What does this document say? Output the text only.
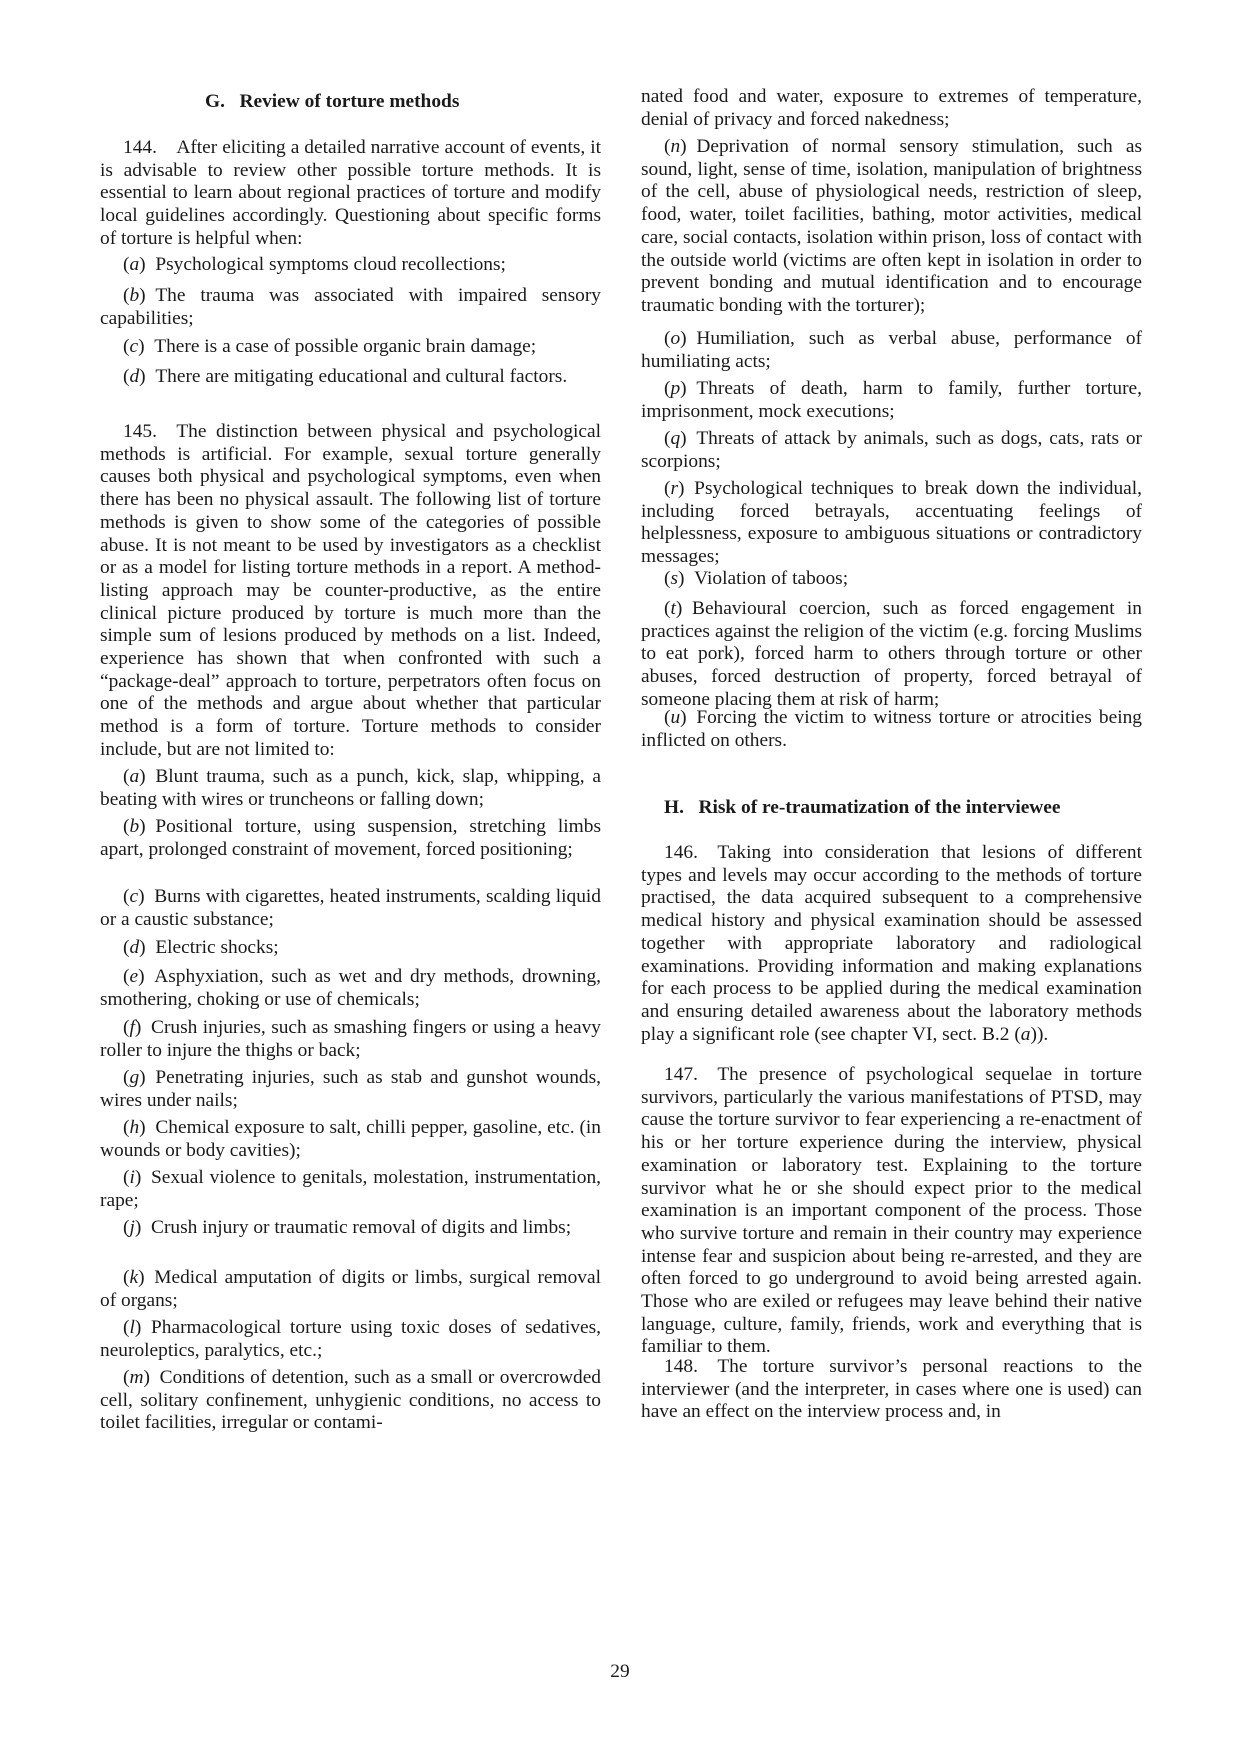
G. Review of torture methods

144. After eliciting a detailed narrative account of events, it is advisable to review other possible torture methods. It is essential to learn about regional practices of torture and modify local guidelines accordingly. Questioning about specific forms of torture is helpful when:

(a) Psychological symptoms cloud recollections;

(b) The trauma was associated with impaired sensory capabilities;

(c) There is a case of possible organic brain damage;

(d) There are mitigating educational and cultural factors.

145. The distinction between physical and psychological methods is artificial. For example, sexual torture generally causes both physical and psychological symptoms, even when there has been no physical assault. The following list of torture methods is given to show some of the categories of possible abuse. It is not meant to be used by investigators as a checklist or as a model for listing torture methods in a report. A method-listing approach may be counter-productive, as the entire clinical picture produced by torture is much more than the simple sum of lesions produced by methods on a list. Indeed, experience has shown that when confronted with such a “package-deal” approach to torture, perpetrators often focus on one of the methods and argue about whether that particular method is a form of torture. Torture methods to consider include, but are not limited to:

(a) Blunt trauma, such as a punch, kick, slap, whipping, a beating with wires or truncheons or falling down;

(b) Positional torture, using suspension, stretching limbs apart, prolonged constraint of movement, forced positioning;

(c) Burns with cigarettes, heated instruments, scalding liquid or a caustic substance;

(d) Electric shocks;

(e) Asphyxiation, such as wet and dry methods, drowning, smothering, choking or use of chemicals;

(f) Crush injuries, such as smashing fingers or using a heavy roller to injure the thighs or back;

(g) Penetrating injuries, such as stab and gunshot wounds, wires under nails;

(h) Chemical exposure to salt, chilli pepper, gasoline, etc. (in wounds or body cavities);

(i) Sexual violence to genitals, molestation, instrumentation, rape;

(j) Crush injury or traumatic removal of digits and limbs;

(k) Medical amputation of digits or limbs, surgical removal of organs;

(l) Pharmacological torture using toxic doses of sedatives, neuroleptics, paralytics, etc.;

(m) Conditions of detention, such as a small or overcrowded cell, solitary confinement, unhygienic conditions, no access to toilet facilities, irregular or contami-

nated food and water, exposure to extremes of temperature, denial of privacy and forced nakedness;

(n) Deprivation of normal sensory stimulation, such as sound, light, sense of time, isolation, manipulation of brightness of the cell, abuse of physiological needs, restriction of sleep, food, water, toilet facilities, bathing, motor activities, medical care, social contacts, isolation within prison, loss of contact with the outside world (victims are often kept in isolation in order to prevent bonding and mutual identification and to encourage traumatic bonding with the torturer);

(o) Humiliation, such as verbal abuse, performance of humiliating acts;

(p) Threats of death, harm to family, further torture, imprisonment, mock executions;

(q) Threats of attack by animals, such as dogs, cats, rats or scorpions;

(r) Psychological techniques to break down the individual, including forced betrayals, accentuating feelings of helplessness, exposure to ambiguous situations or contradictory messages;

(s) Violation of taboos;

(t) Behavioural coercion, such as forced engagement in practices against the religion of the victim (e.g. forcing Muslims to eat pork), forced harm to others through torture or other abuses, forced destruction of property, forced betrayal of someone placing them at risk of harm;

(u) Forcing the victim to witness torture or atrocities being inflicted on others.

H. Risk of re-traumatization of the interviewee

146. Taking into consideration that lesions of different types and levels may occur according to the methods of torture practised, the data acquired subsequent to a comprehensive medical history and physical examination should be assessed together with appropriate laboratory and radiological examinations. Providing information and making explanations for each process to be applied during the medical examination and ensuring detailed awareness about the laboratory methods play a significant role (see chapter VI, sect. B.2 (a)).

147. The presence of psychological sequelae in torture survivors, particularly the various manifestations of PTSD, may cause the torture survivor to fear experiencing a re-enactment of his or her torture experience during the interview, physical examination or laboratory test. Explaining to the torture survivor what he or she should expect prior to the medical examination is an important component of the process. Those who survive torture and remain in their country may experience intense fear and suspicion about being re-arrested, and they are often forced to go underground to avoid being arrested again. Those who are exiled or refugees may leave behind their native language, culture, family, friends, work and everything that is familiar to them.

148. The torture survivor’s personal reactions to the interviewer (and the interpreter, in cases where one is used) can have an effect on the interview process and, in

29
